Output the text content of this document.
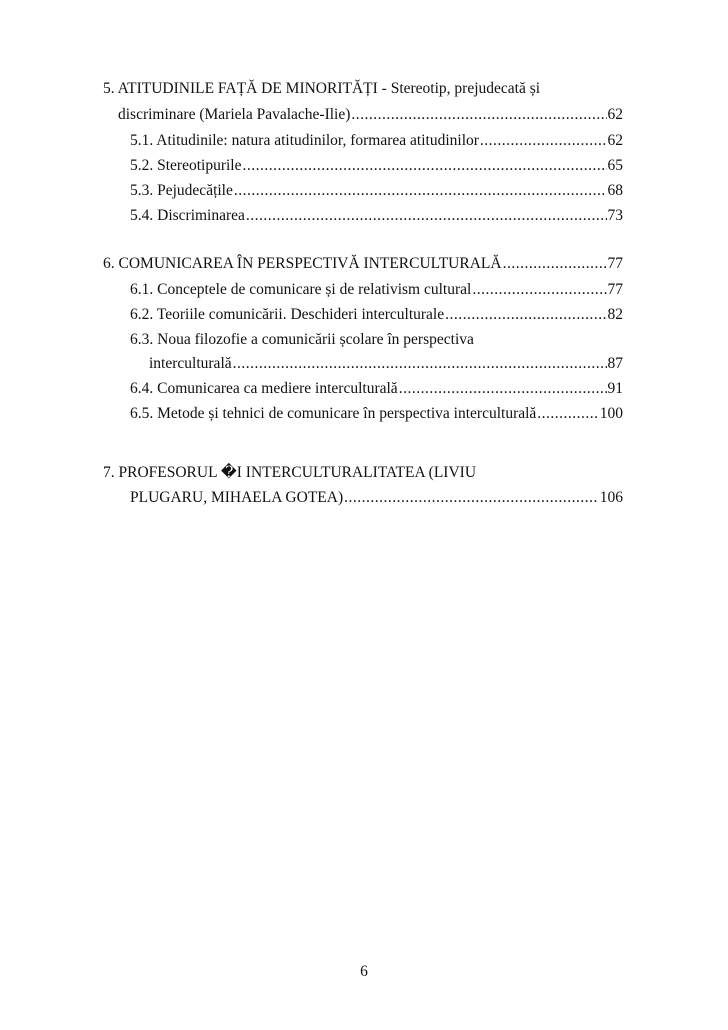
5. ATITUDINILE FAȚĂ DE MINORITĂȚI - Stereotip, prejudecată și
discriminare (Mariela Pavalache-Ilie) .....	62
5.1. Atitudinile: natura atitudinilor, formarea atitudinilor .....	62
5.2. Stereotipurile .....	65
5.3. Pejudecățile .....	68
5.4. Discriminarea .....	73
6. COMUNICAREA ÎN PERSPECTIVĂ INTERCULTURALĂ .....	77
6.1. Conceptele de comunicare și de relativism cultural .....	77
6.2. Teoriile comunicării. Deschideri interculturale .....	82
6.3. Noua filozofie a comunicării școlare în perspectiva
interculturală .....	87
6.4. Comunicarea ca mediere interculturală .....	91
6.5. Metode și tehnici de comunicare în perspectiva interculturală .....	100
7. PROFESORUL �I INTERCULTURALITATEA (LIVIU
PLUGARU, MIHAELA GOTEA) .....	106
6
